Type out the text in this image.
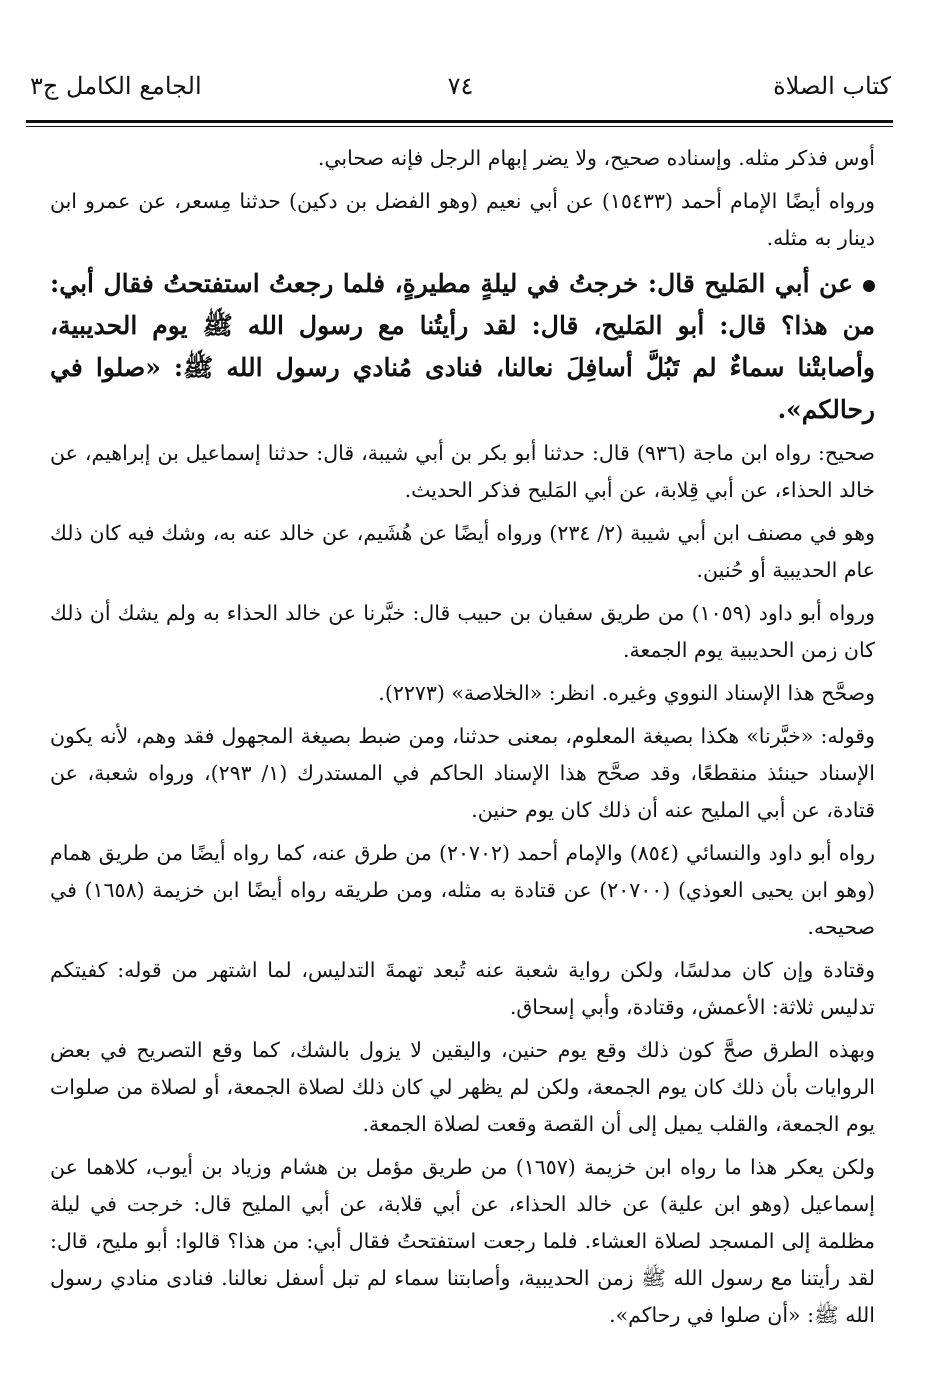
كتاب الصلاة
٧٤
الجامع الكامل ج٣

أوس فذكر مثله. وإسناده صحيح، ولا يضر إبهام الرجل فإنه صحابي.

ورواه أيضًا الإمام أحمد (١٥٤٣٣) عن أبي نعيم (وهو الفضل بن دكين) حدثنا مِسعر، عن عمرو ابن دينار به مثله.

عن أبي المَليح قال: خرجتُ في ليلةٍ مطيرةٍ، فلما رجعتُ استفتحتُ فقال أبي: من هذا؟ قال: أبو المَليح، قال: لقد رأيتُنا مع رسول الله ﷺ يوم الحديبية، وأصابتْنا سماءٌ لم تَبُلَّ أسافِلَ نعالنا، فنادى مُنادي رسول الله ﷺ: «صلوا في رحالكم».

صحيح: رواه ابن ماجة (٩٣٦) قال: حدثنا أبو بكر بن أبي شيبة، قال: حدثنا إسماعيل بن إبراهيم، عن خالد الحذاء، عن أبي قِلابة، عن أبي المَليح فذكر الحديث.

وهو في مصنف ابن أبي شيبة (٢/ ٢٣٤) ورواه أيضًا عن هُشَيم، عن خالد عنه به، وشك فيه كان ذلك عام الحديبية أو حُنين.

ورواه أبو داود (١٠٥٩) من طريق سفيان بن حبيب قال: خبَّرنا عن خالد الحذاء به ولم يشك أن ذلك كان زمن الحديبية يوم الجمعة.

وصحَّح هذا الإسناد النووي وغيره. انظر: «الخلاصة» (٢٢٧٣).

وقوله: «خبَّرنا» هكذا بصيغة المعلوم، بمعنى حدثنا، ومن ضبط بصيغة المجهول فقد وهم، لأنه يكون الإسناد حينئذ منقطعًا، وقد صحَّح هذا الإسناد الحاكم في المستدرك (١/ ٢٩٣)، ورواه شعبة، عن قتادة، عن أبي المليح عنه أن ذلك كان يوم حنين.

رواه أبو داود والنسائي (٨٥٤) والإمام أحمد (٢٠٧٠٢) من طرق عنه، كما رواه أيضًا من طريق همام (وهو ابن يحيى العوذي) (٢٠٧٠٠) عن قتادة به مثله، ومن طريقه رواه أيضًا ابن خزيمة (١٦٥٨) في صحيحه.

وقتادة وإن كان مدلسًا، ولكن رواية شعبة عنه تُبعد تهمةَ التدليس، لما اشتهر من قوله: كفيتكم تدليس ثلاثة: الأعمش، وقتادة، وأبي إسحاق.

وبهذه الطرق صحَّ كون ذلك وقع يوم حنين، واليقين لا يزول بالشك، كما وقع التصريح في بعض الروايات بأن ذلك كان يوم الجمعة، ولكن لم يظهر لي كان ذلك لصلاة الجمعة، أو لصلاة من صلوات يوم الجمعة، والقلب يميل إلى أن القصة وقعت لصلاة الجمعة.

ولكن يعكر هذا ما رواه ابن خزيمة (١٦٥٧) من طريق مؤمل بن هشام وزياد بن أيوب، كلاهما عن إسماعيل (وهو ابن علية) عن خالد الحذاء، عن أبي قلابة، عن أبي المليح قال: خرجت في ليلة مظلمة إلى المسجد لصلاة العشاء. فلما رجعت استفتحتُ فقال أبي: من هذا؟ قالوا: أبو مليح، قال: لقد رأيتنا مع رسول الله ﷺ زمن الحديبية، وأصابتنا سماء لم تبل أسفل نعالنا. فنادى منادي رسول الله ﷺ: «أن صلوا في رحاكم».
